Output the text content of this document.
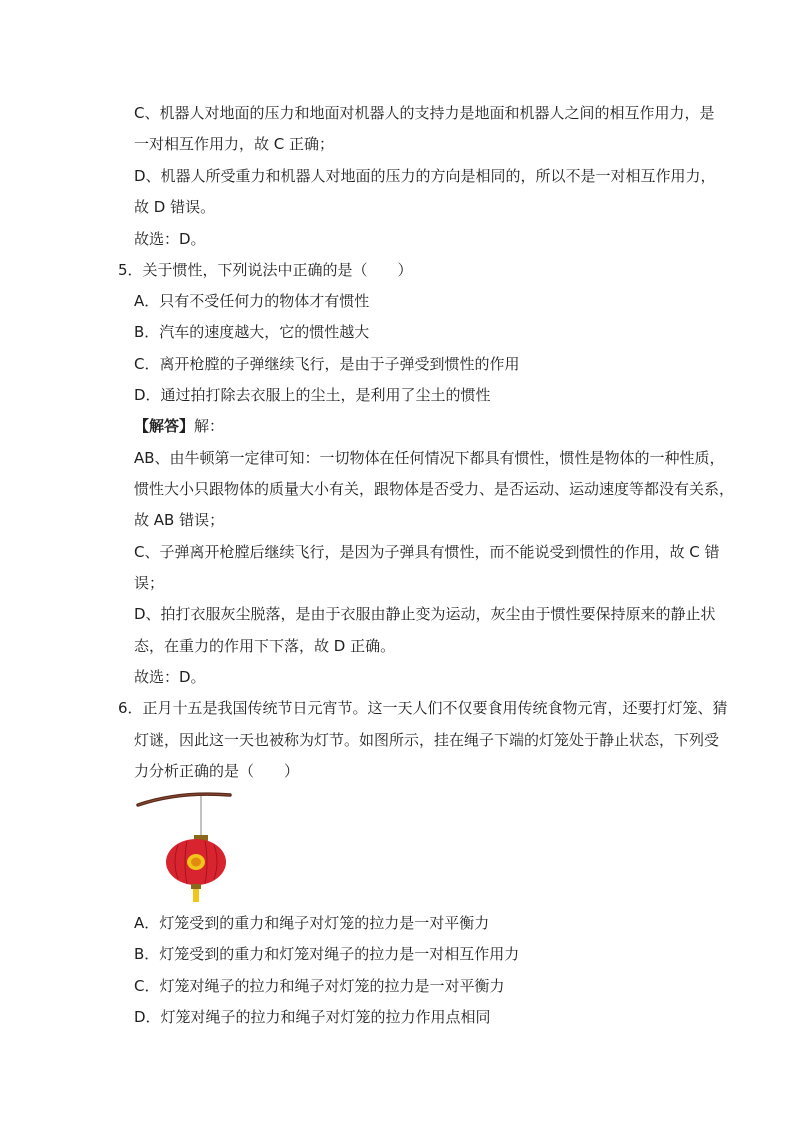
C、机器人对地面的压力和地面对机器人的支持力是地面和机器人之间的相互作用力，是
一对相互作用力，故 C 正确；
D、机器人所受重力和机器人对地面的压力的方向是相同的，所以不是一对相互作用力，
故 D 错误。
故选：D。
5．关于惯性，下列说法中正确的是（　　）
A．只有不受任何力的物体才有惯性
B．汽车的速度越大，它的惯性越大
C．离开枪膛的子弹继续飞行，是由于子弹受到惯性的作用
D．通过拍打除去衣服上的尘土，是利用了尘土的惯性
【解答】解：
AB、由牛顿第一定律可知：一切物体在任何情况下都具有惯性，惯性是物体的一种性质，
惯性大小只跟物体的质量大小有关，跟物体是否受力、是否运动、运动速度等都没有关系，
故 AB 错误；
C、子弹离开枪膛后继续飞行，是因为子弹具有惯性，而不能说受到惯性的作用，故 C 错
误；
D、拍打衣服灰尘脱落，是由于衣服由静止变为运动，灰尘由于惯性要保持原来的静止状
态，在重力的作用下下落，故 D 正确。
故选：D。
6．正月十五是我国传统节日元宵节。这一天人们不仅要食用传统食物元宵，还要打灯笼、猜
灯谜，因此这一天也被称为灯节。如图所示，挂在绳子下端的灯笼处于静止状态，下列受
力分析正确的是（　　）
A．灯笼受到的重力和绳子对灯笼的拉力是一对平衡力
B．灯笼受到的重力和灯笼对绳子的拉力是一对相互作用力
C．灯笼对绳子的拉力和绳子对灯笼的拉力是一对平衡力
D．灯笼对绳子的拉力和绳子对灯笼的拉力作用点相同
